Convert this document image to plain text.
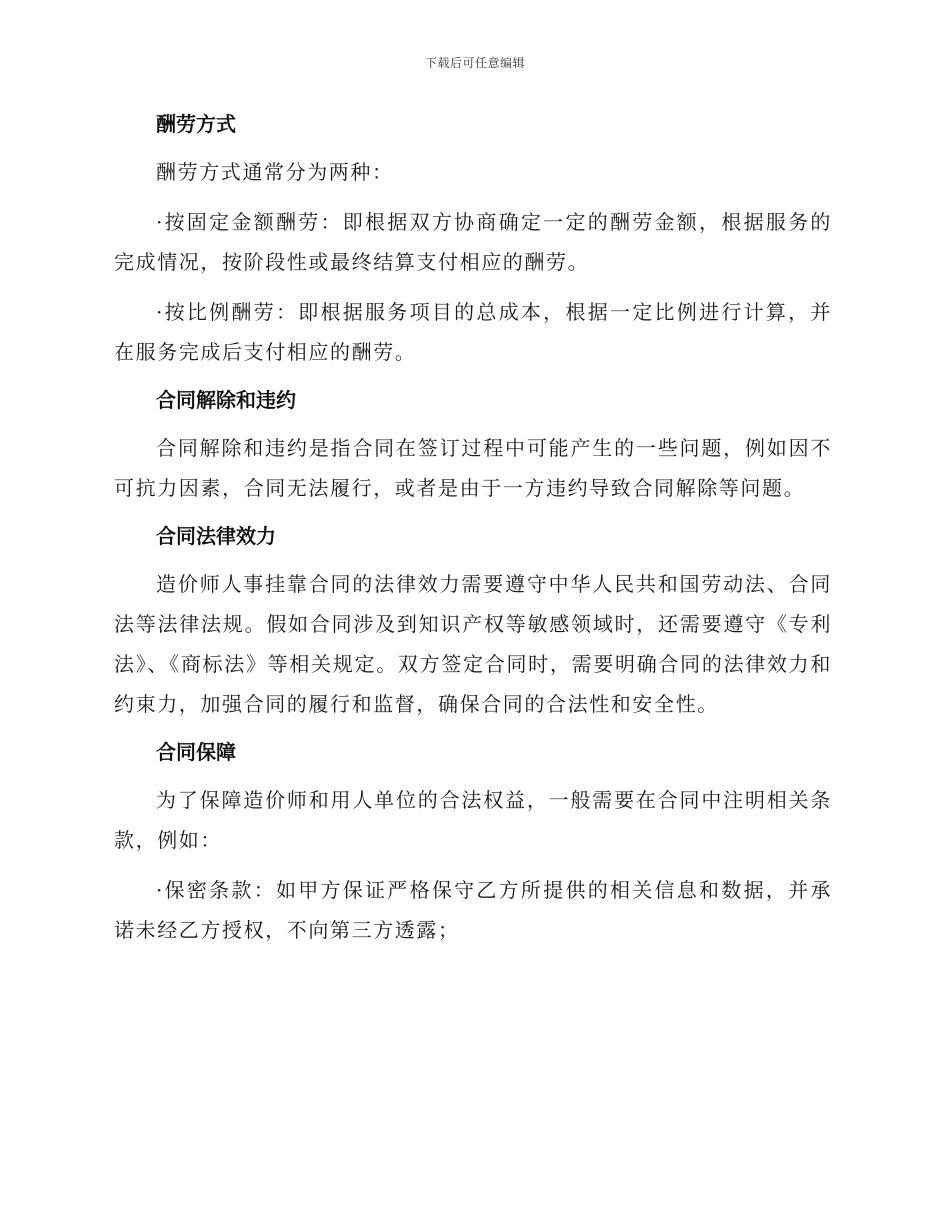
下载后可任意编辑
酬劳方式

酬劳方式通常分为两种：

·按固定金额酬劳：即根据双方协商确定一定的酬劳金额，根据服务的完成情况，按阶段性或最终结算支付相应的酬劳。

·按比例酬劳：即根据服务项目的总成本，根据一定比例进行计算，并在服务完成后支付相应的酬劳。

合同解除和违约

合同解除和违约是指合同在签订过程中可能产生的一些问题，例如因不可抗力因素，合同无法履行，或者是由于一方违约导致合同解除等问题。

合同法律效力

造价师人事挂靠合同的法律效力需要遵守中华人民共和国劳动法、合同法等法律法规。假如合同涉及到知识产权等敏感领域时，还需要遵守《专利法》、《商标法》等相关规定。双方签定合同时，需要明确合同的法律效力和约束力，加强合同的履行和监督，确保合同的合法性和安全性。

合同保障

为了保障造价师和用人单位的合法权益，一般需要在合同中注明相关条款，例如：

·保密条款：如甲方保证严格保守乙方所提供的相关信息和数据，并承诺未经乙方授权，不向第三方透露；
